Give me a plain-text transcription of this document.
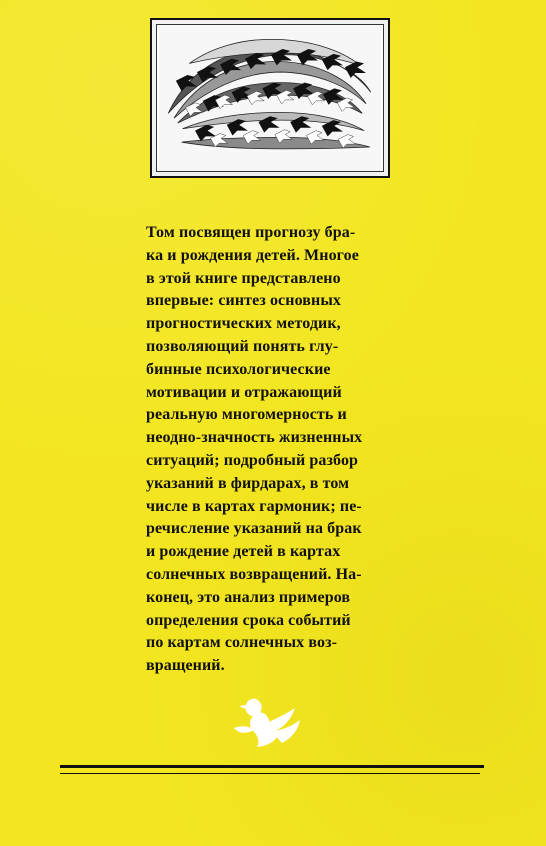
Том посвящен прогнозу бра-
ка и рождения детей. Многое
в этой книге представлено
впервые: синтез основных
прогностических методик,
позволяющий понять глу-
бинные психологические
мотивации и отражающий
реальную многомерность и
неодно-значность жизненных
ситуаций; подробный разбор
указаний в фирдарах, в том
числе в картах гармоник; пе-
речисление указаний на брак
и рождение детей в картах
солнечных возвращений. На-
конец, это анализ примеров
определения срока событий
по картам солнечных воз-
вращений.
